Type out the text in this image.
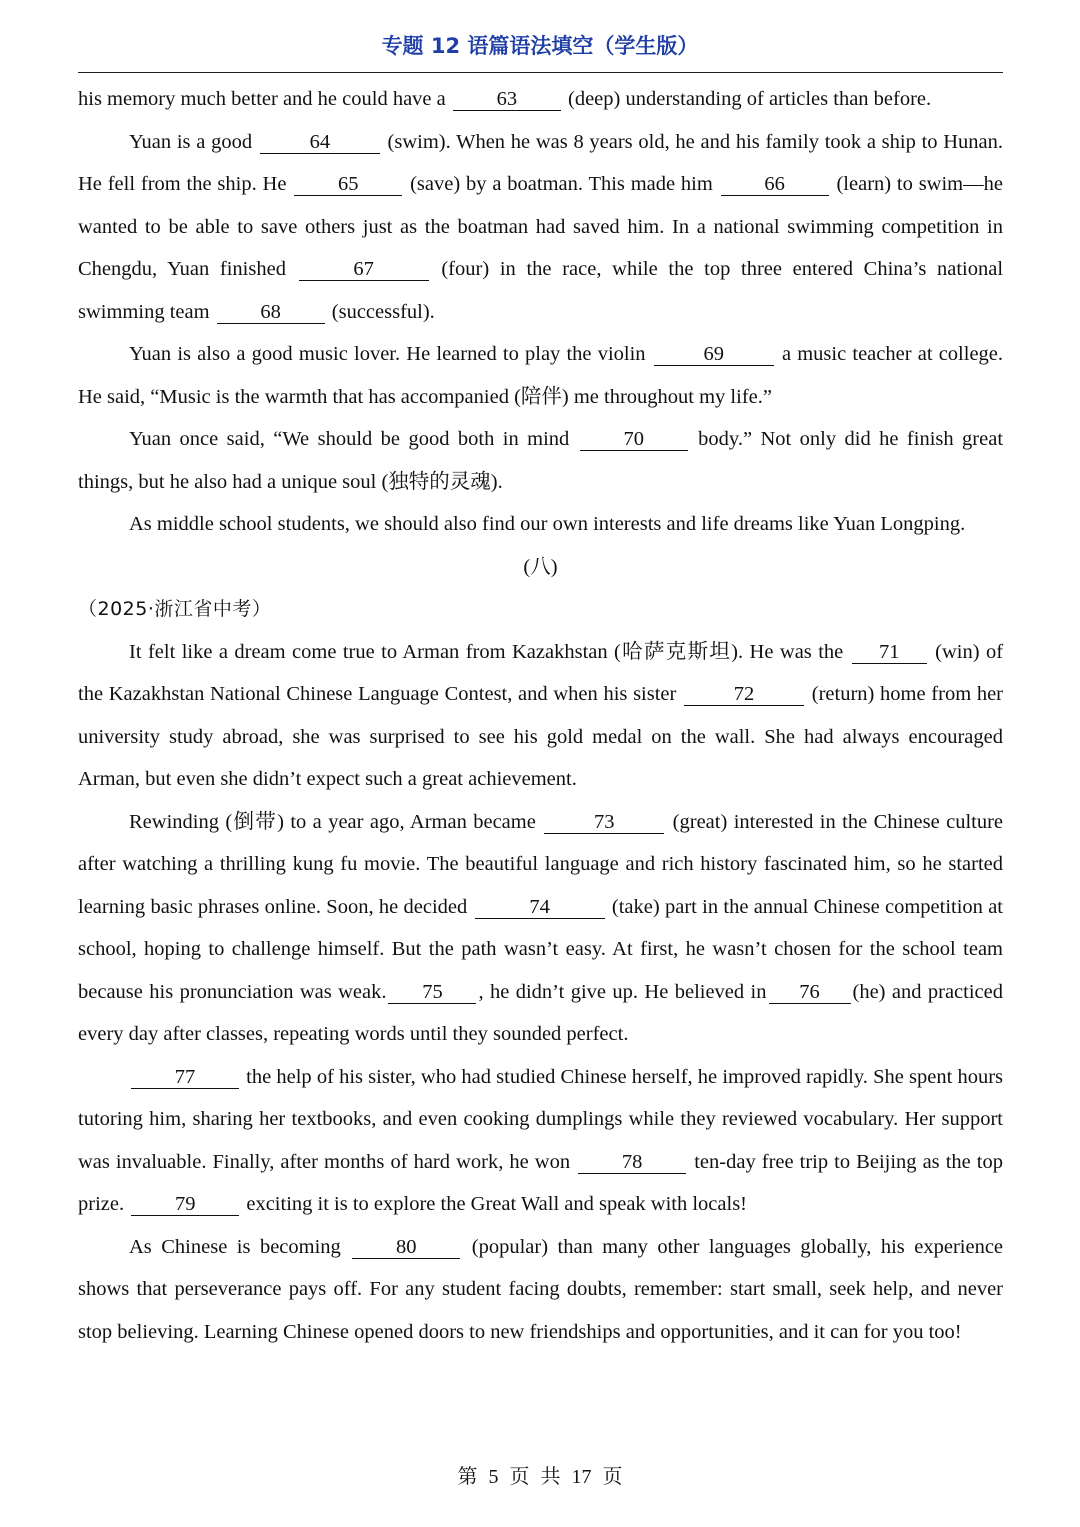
专题 12 语篇语法填空（学生版）

his memory much better and he could have a 63 (deep) understanding of articles than before.

Yuan is a good	64	(swim). When he was 8 years old, he and his family took a ship to Hunan. He fell from the ship. He	65	(save) by a boatman. This made him	66	(learn) to swim—he wanted to be able to save others just as the boatman had saved him. In a national swimming competition in Chengdu, Yuan finished	67	(four) in the race, while the top three entered China’s national swimming team 68 (successful).

Yuan is also a good music lover. He learned to play the violin	69	a music teacher at college. He said, “Music is the warmth that has accompanied (陪伴) me throughout my life.”

Yuan once said, “We should be good both in mind	70	body.” Not only did he finish great things, but he also had a unique soul (独特的灵魂).

As middle school students, we should also find our own interests and life dreams like Yuan Longping.

(八)

（2025·浙江省中考）

It felt like a dream come true to Arman from Kazakhstan (哈萨克斯坦). He was the 71 (win) of the Kazakhstan National Chinese Language Contest, and when his sister	72	(return) home from her university study abroad, she was surprised to see his gold medal on the wall. She had always encouraged Arman, but even she didn’t expect such a great achievement.

Rewinding (倒带) to a year ago, Arman became	73	(great) interested in the Chinese culture after watching a thrilling kung fu movie. The beautiful language and rich history fascinated him, so he started learning basic phrases online. Soon, he decided	74	(take) part in the annual Chinese competition at school, hoping to challenge himself. But the path wasn’t easy. At first, he wasn’t chosen for the school team because his pronunciation was weak. 75 , he didn’t give up. He believed in 76 (he) and practiced every day after classes, repeating words until they sounded perfect.

77 the help of his sister, who had studied Chinese herself, he improved rapidly. She spent hours tutoring him, sharing her textbooks, and even cooking dumplings while they reviewed vocabulary. Her support was invaluable. Finally, after months of hard work, he won	78	ten-day free trip to Beijing as the top prize. 79 exciting it is to explore the Great Wall and speak with locals!

As Chinese is becoming	80	(popular) than many other languages globally, his experience shows that perseverance pays off. For any student facing doubts, remember: start small, seek help, and never stop believing. Learning Chinese opened doors to new friendships and opportunities, and it can for you too!

第 5 页 共 17 页
